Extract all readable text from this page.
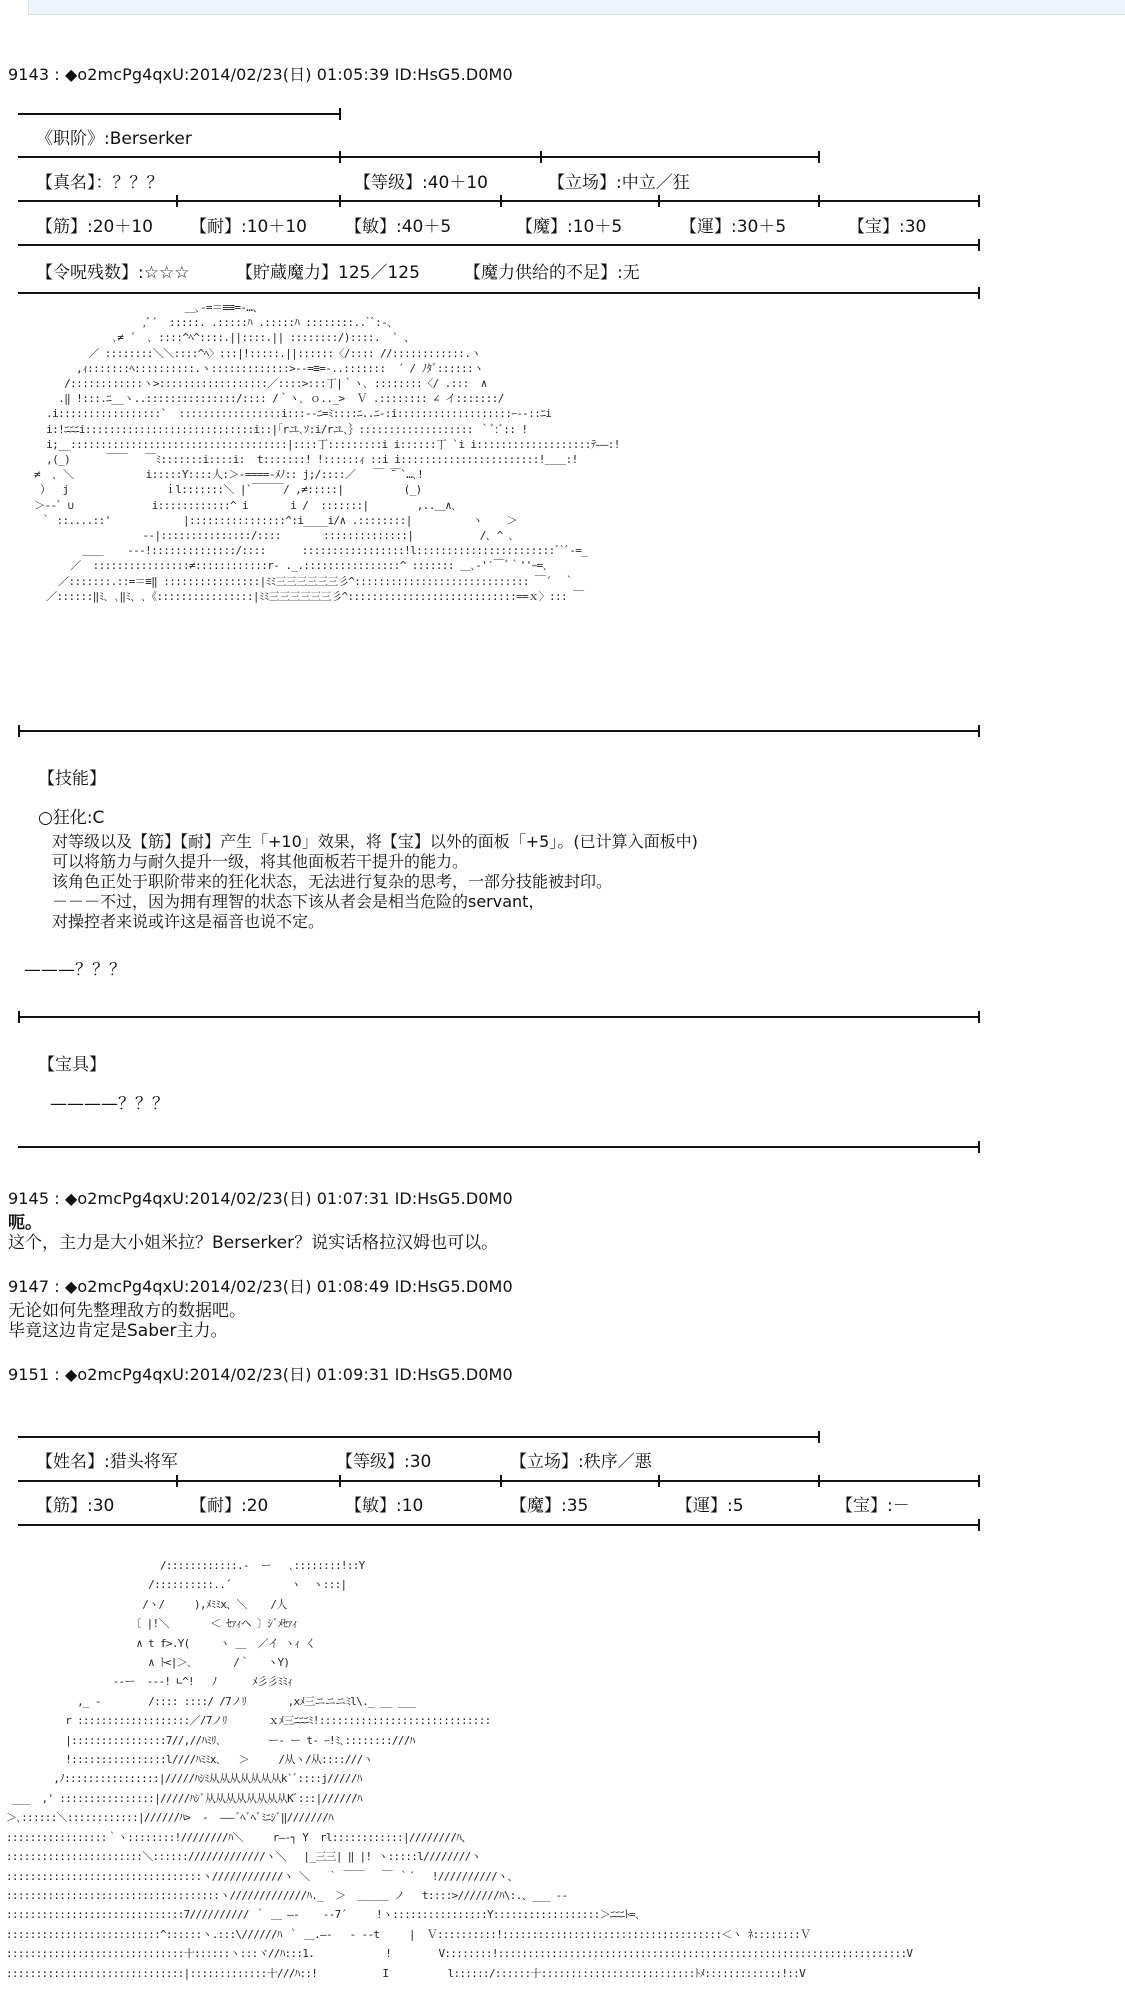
9143 : ◆o2mcPg4qxU:2014/02/23(日) 01:05:39 ID:HsG5.D0M0
《职阶》:Berserker
【真名】：？？？	【等级】:40＋10	【立场】:中立／狂
【筋】:20＋10 【耐】:10＋10 【敏】:40＋5	【魔】:10＋5	【運】:30＋5	【宝】:30
【令呪残数】:☆☆☆	【貯蔵魔力】125／125	【魔力供给的不足】:无
＿､-=＝≡≡=-…、
,ﾞ´  :::::. .:::::ﾊ .:::::ﾊ ::::::::..`ﾞ:‐､
､≠ ´  ､ ::::^ﾍ^::::.||::::.|| ::::::::/)::::.  ` 、
／ ::::::::＼＼::::^ﾍ〉:::|!:::::.||::::::〈/:::: //::::::::::::.ヽ
,ｨ:::::::ﾍ::::::::::.ヽ:::::::::::::>--=≡=-..:::::::  ´ / ﾉﾀﾞ::::::ヽ
/::::::::::::ヽ>::::::::::::::::::／::::>:::丁|｀ヽ､ ::::::::〈/ .:::  ∧
.‖ !:::.ﾆ__ヽ..:::::::::::::::/:::: /｀ヽ､ ｏ.._>  Ｖ .:::::::: ∠ イ:::::::/
.i:::::::::::::::::`  :::::::::::::::::i:::-‐ﾆ=ﾐ::::ﾆ..ﾆ-:i:::::::::::::::::::ｰ--::ﾆi
i:!ﾆﾆﾆi::::::::::::::::::::::::::::i::|｢rユ､ｿ:i/rユ､｝::::::::::::::::::: ｀ﾞ:ﾞ:: !
i;__::::::::::::::::::::::::::::::::::::|::::丁:::::::::i i::::::丁 `i i:::::::::::::::::::ﾃ――:!
,(_)      ￣￣   ￣ﾐ:::::::i::::i:  t:::::::! !::::::ｨ ::i i:::::::::::::::::::::::!＿＿:!
≠  ､ ＼            i:::::Y::::人:＞-====-ﾒﾉ:: j;/::::／   ￣ ̄￣`…､!
）  j                ｉl:::::::＼ |`￣￣￣/ ,≠:::::|          (_)
＞-‐ﾞ ∪             i::::::::::::^ i       i /  :::::::|        ,..＿∧､
｀ ::....::'            |::::::::::::::::^:i____i/∧ .::::::::|          ヽ    ＞
--|:::::::::::::::/::::       ::::::::::::::|           /､ ^ ､
＿＿    ‐-‐!::::::::::::::/::::      :::::::::::::::::!l:::::::::::::::::::::::ﾞ`ﾞ-=_
／  ::::::::::::::::≠::::::::::::r- ._.::::::::::::::::^ ::::::: ＿､-'′￣ﾞ｀''ｰ=､
／:::::::.::=＝≡‖ ::::::::::::::::|ﾐﾐ三三三三三三彡^::::::::::::::::::::::::::::: ￣´  ｀
／::::::‖ﾐ､ ､‖ﾐ､ ､《::::::::::::::::|ﾐﾐ三三三三三三彡^::::::::::::::::::::::::::::==ｘ〉::: ￣
【技能】
○狂化:C
对等级以及【筋】【耐】产生「+10」效果，将【宝】以外的面板「+5」。(已计算入面板中)
可以将筋力与耐久提升一级，将其他面板若干提升的能力。
该角色正处于职阶带来的狂化状态，无法进行复杂的思考，一部分技能被封印。
－－－不过，因为拥有理智的状态下该从者会是相当危险的servant，
对操控者来说或许这是福音也说不定。
———？？？
【宝具】
————？？？
9145 : ◆o2mcPg4qxU:2014/02/23(日) 01:07:31 ID:HsG5.D0M0
呃。
这个，主力是大小姐米拉？Berserker？说实话格拉汉姆也可以。
9147 : ◆o2mcPg4qxU:2014/02/23(日) 01:08:49 ID:HsG5.D0M0
无论如何先整理敌方的数据吧。
毕竟这边肯定是Saber主力。
9151 : ◆o2mcPg4qxU:2014/02/23(日) 01:09:31 ID:HsG5.D0M0
【姓名】:猎头将军	【等级】:30	【立场】:秩序／悪
【筋】:30	【耐】:20	【敏】:10	【魔】:35	【運】:5	【宝】:－
/::::::::::::.‐  ー   ､::::::::!::Y
/::::::::::..´          ヽ  ヽ:::|
/ヽ/     ),ﾒﾐﾐx、＼    /人
〔 |!＼       ＜ ｾｧｨヘ 〕ｼﾞﾒｾｧｨ
∧ t f>.Y(     ヽ ＿  ／イ ヽｨ く
∧ ﾄ<|＞､       /｀   ヽY)
--ー  ---! ∟^!   ﾉ      ﾒ彡彡ﾐﾐｨ
,_ -        /:::: ::::/ /7ノﾘ       ,xﾒ三ニニニﾐl\._ __ ___
r :::::::::::::::::::／/7ノﾘ       ｘﾒ三ﾆﾆﾆﾐ!:::::::::::::::::::::::::::::
|::::::::::::::::7//,//ﾊﾐﾘ､        ー‐ ー t‐ ｰ!ﾐ､::::::::///ﾊ
!::::::::::::::::l////ﾊﾐﾐx､   ＞     /从ヽ/从::::///ヽ
,ﾉ::::::::::::::::|/////ﾊｼﾐ从从从从从从从k`ﾞ::::j/////ﾊ
___  ,' ::::::::::::::::|/////ﾊｼﾞ从从从从从从从从Kﾞ:::|//////ﾊ
＞､::::::＼::::::::::::|//////ﾊ>  -  ――-ﾞﾍﾞﾍﾞﾐﾆｼﾞ‖///////ﾊ
:::::::::::::::::｀ヽ::::::::!////////ﾊ＼     r―-┐ Y  rl::::::::::::|////////ﾊ、
:::::::::::::::::::::::＼:::::://///////////ヽ＼   |_三三| ‖ |! ヽ:::::l////////ヽ
:::::::::::::::::::::::::::::::::ヽ////////////ヽ ＼   ｀ ￣￣   ￣ ｀´   !//////////ヽ、
::::::::::::::::::::::::::::::::::::ヽ/////////////ﾊ._  ＞  ＿＿＿ ノ   t::::>///////ﾊ\:.、___ ‐-
::::::::::::::::::::::::::::::7////////// ｀ ＿ ―‐    ‐‐7´     !ヽ::::::::::::::::Y::::::::::::::::::＞ﾆﾆﾆﾄ=､
::::::::::::::::::::::::::^::::::ヽ.:::\//////ﾊ ｀ ＿.―‐   ‐ --t     |  Ｖ::::::::::!:::::::::::::::::::::::::::::::::::::＜ヽ ﾈ::::::::Ｖ
::::::::::::::::::::::::::::::十::::::ヽ:::ヾ//ﾊ:::1.            !        V::::::::!:::::::::::::::::::::::::::::::::::::::::::::::::::::::::::::::::::::V
::::::::::::::::::::::::::::::|:::::::::::::十///ﾊ::!           I          l::::::/::::::十::::::::::::::::::::::::::ﾄﾒ:::::::::::::!::V
